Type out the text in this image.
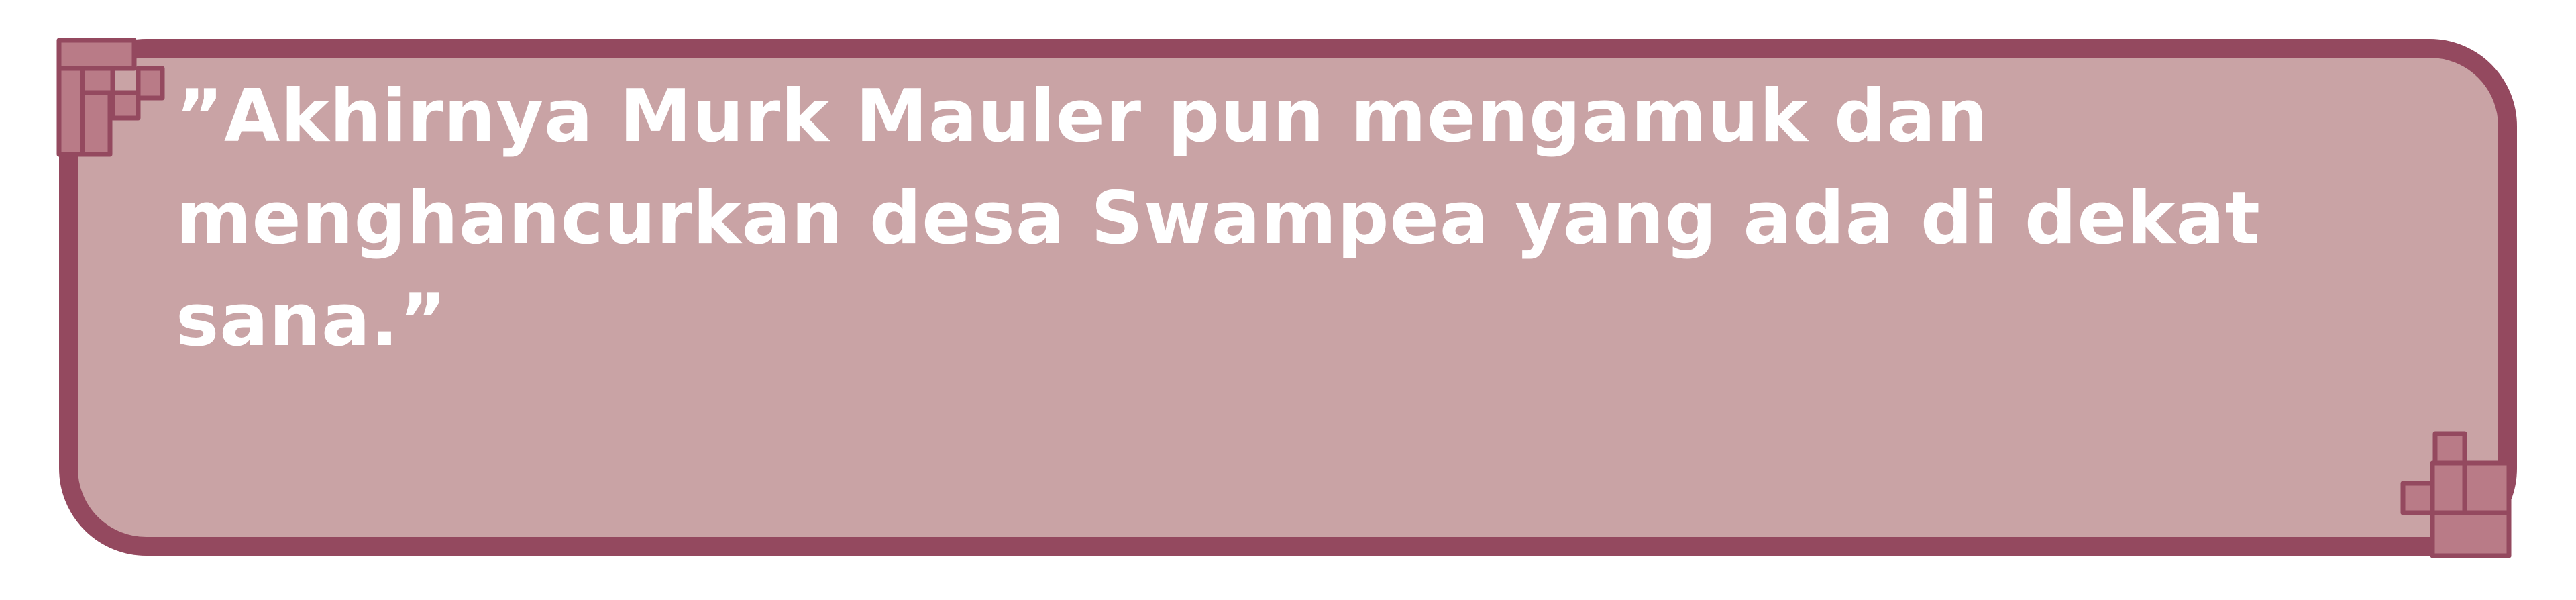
”Akhirnya Murk Mauler pun mengamuk dan menghancurkan desa Swampea yang ada di dekat sana.”
